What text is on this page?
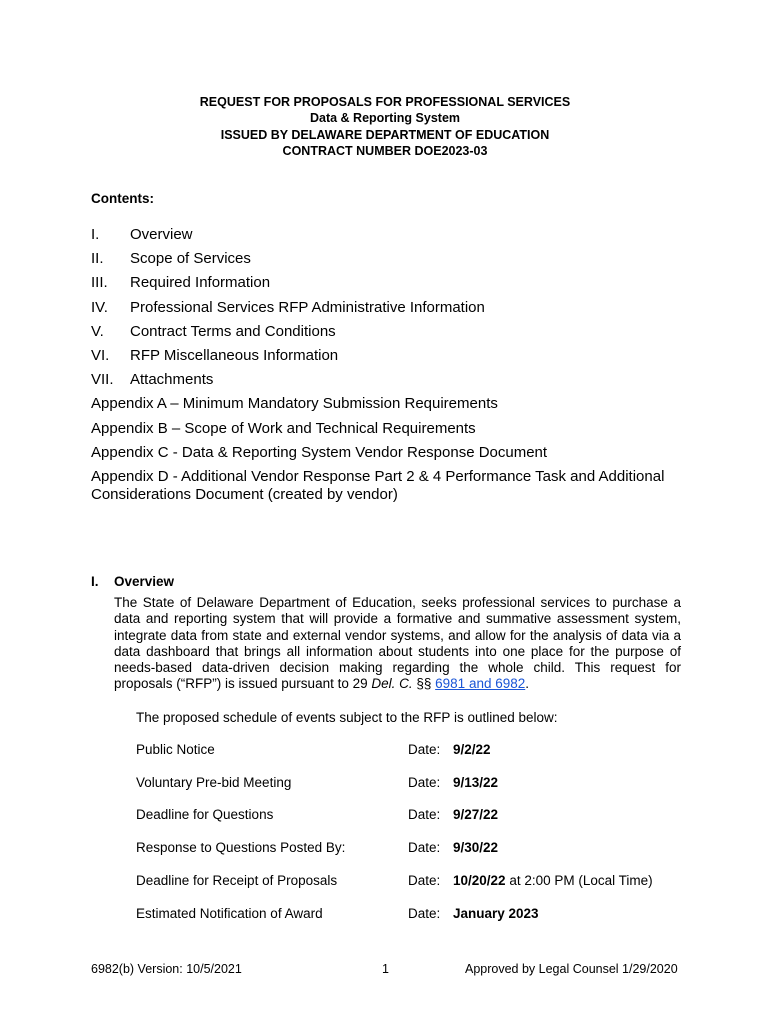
REQUEST FOR PROPOSALS FOR PROFESSIONAL SERVICES
Data & Reporting System
ISSUED BY DELAWARE DEPARTMENT OF EDUCATION
CONTRACT NUMBER DOE2023-03
Contents:
I.	Overview
II.	Scope of Services
III.	Required Information
IV.	Professional Services RFP Administrative Information
V.	Contract Terms and Conditions
VI.	RFP Miscellaneous Information
VII.	Attachments
Appendix A – Minimum Mandatory Submission Requirements
Appendix B – Scope of Work and Technical Requirements
Appendix C - Data & Reporting System Vendor Response Document
Appendix D - Additional Vendor Response Part 2 & 4 Performance Task and Additional Considerations Document (created by vendor)
I.	Overview
The State of Delaware Department of Education, seeks professional services to purchase a data and reporting system that will provide a formative and summative assessment system, integrate data from state and external vendor systems, and allow for the analysis of data via a data dashboard that brings all information about students into one place for the purpose of needs-based data-driven decision making regarding the whole child. This request for proposals (“RFP”) is issued pursuant to 29 Del. C. §§ 6981 and 6982.
The proposed schedule of events subject to the RFP is outlined below:
Public Notice	Date: 9/2/22
Voluntary Pre-bid Meeting	Date: 9/13/22
Deadline for Questions	Date: 9/27/22
Response to Questions Posted By:	Date: 9/30/22
Deadline for Receipt of Proposals	Date: 10/20/22 at 2:00 PM (Local Time)
Estimated Notification of Award	Date: January 2023
6982(b) Version: 10/5/2021	1	Approved by Legal Counsel 1/29/2020
